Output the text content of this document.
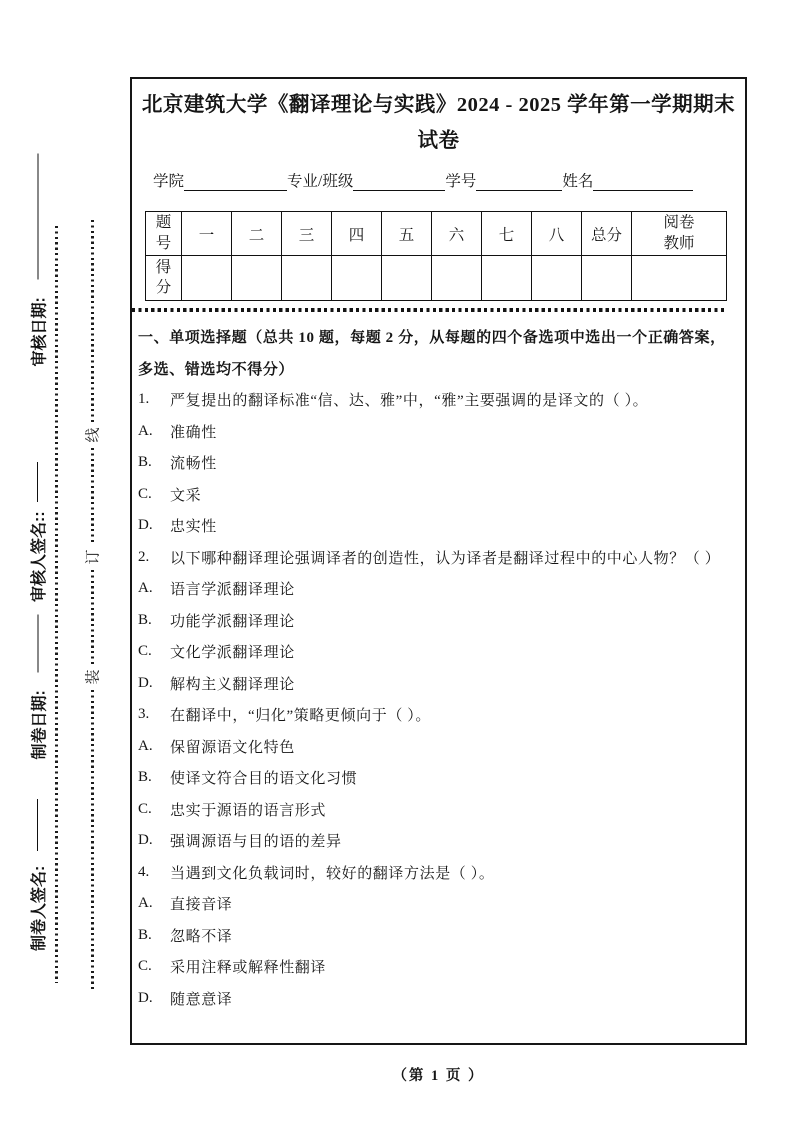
审核日期:
审核人签名::
制卷日期:
制卷人签名:
线
订
装
北京建筑大学《翻译理论与实践》2024 - 2025 学年第一学期期末
试卷
学院	专业/班级	学号	姓名
题号	一	二	三	四	五	六	七	八	总分	阅卷教师
得分										
一、单项选择题（总共 10 题，每题 2 分，从每题的四个备选项中选出一个正确答案，
多选、错选均不得分）
1.	严复提出的翻译标准“信、达、雅”中，“雅”主要强调的是译文的（ ）。
A.	准确性
B.	流畅性
C.	文采
D.	忠实性
2.	以下哪种翻译理论强调译者的创造性，认为译者是翻译过程中的中心人物？（ ）
A.	语言学派翻译理论
B.	功能学派翻译理论
C.	文化学派翻译理论
D.	解构主义翻译理论
3.	在翻译中，“归化”策略更倾向于（ ）。
A.	保留源语文化特色
B.	使译文符合目的语文化习惯
C.	忠实于源语的语言形式
D.	强调源语与目的语的差异
4.	当遇到文化负载词时，较好的翻译方法是（ ）。
A.	直接音译
B.	忽略不译
C.	采用注释或解释性翻译
D.	随意意译
（第 1 页 ）
